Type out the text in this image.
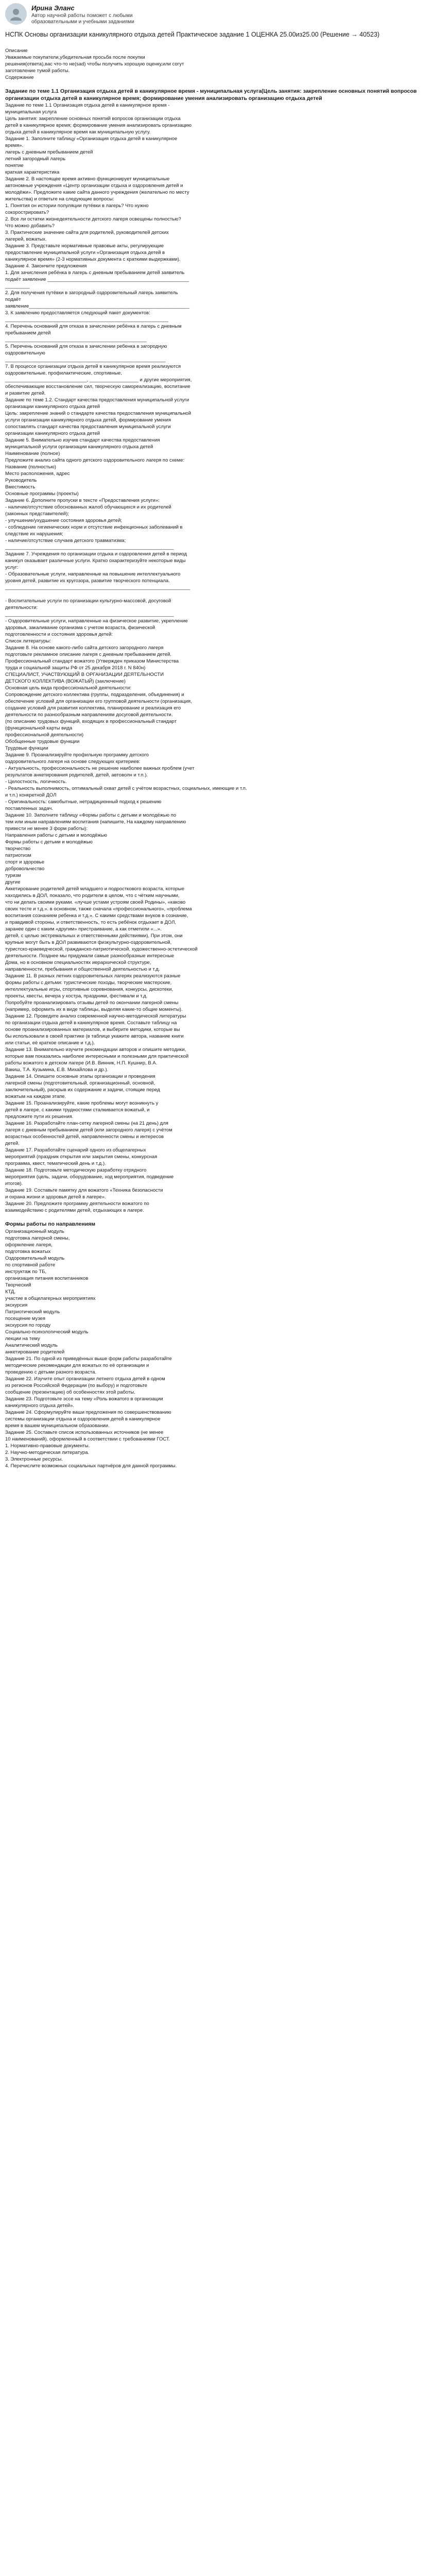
Ирина Эланс
Автор научной работы поможет с любыми образовательными и учебными заданиями
НСПК Основы организации каникулярного отдыха детей Практическое задание 1 ОЦЕНКА 25.00из25.00 (Решение → 40523)

Описание
Уважаемые покупатели,убедительная просьба после покупки
решения(ответа),вас что-то не(sad) чтобы получить хорошую оценку,или согут
заготовление тумой работы.
Содержание

Задание по теме 1.1 Организация отдыха детей в каникулярное время - муниципальная услуга(Цель занятия: закрепление основных понятий вопросов организации отдыха детей в каникулярное время; формирование умения анализировать организацию отдыха детей

Задание по теме 1.1 Организация отдыха детей в каникулярное время -
муниципальная услуга
Цель занятия: закрепление основных понятий вопросов организации отдыха
детей в каникулярное время; формирование умения анализировать организацию
отдыха детей в каникулярное время как муниципальную услугу.
Задание 1. Заполните таблицу «Организация отдыха детей в каникулярное
время».
лагерь с дневным пребыванием детей
летний загородный лагерь
понятие
краткая характеристика
Задание 2. В настоящее время активно функционирует муниципальные
автономные учреждения «Центр организации отдыха и оздоровления детей и
молодёжи». Предложите какие сайта данного учреждения (желательно по месту
жительства) и ответьте на следующие вопросы:
1. Понятия он истории популяции путёвки в лагерь? Что нужно
сокорострировать?
2. Все ли остатки жизнедеятельности детского лагеря освещены полностью?
Что можно добавить?
3. Практические значение сайта для родителей, руководителей детских
лагерей, вожатых.
Задание 3. Представьте нормативные правовые акты, регулирующие
предоставление муниципальной услуги «Организация отдыха детей в
каникулярное время» (2-3 нормативных документа с краткими выдержками).
Задание 4. Закончите предложения
1. Для зачисления ребёнка в лагерь с дневным пребыванием детей заявитель
подаёт заявление ____________________________________________________
_________
2. Для получения путёвки в загородный оздоровительный лагерь заявитель
подаёт
заявление___________________________________________________________
3. К заявлению предоставляется следующий пакет документов:
____________________________________________________________
4. Перечень оснований для отказа в зачислении ребёнка в лагерь с дневным
пребыванием детей
____________________________________________________
5. Перечень оснований для отказа в зачислении ребенка в загородную
оздоровительную
___________________________________________________________
7. В процессе организации отдыха детей в каникулярное время реализуются
оздоровительные, профилактические, спортивные,
______________________________, __________________ и другие мероприятия,
обеспечивающие восстановление сил, творческую самореализацию, воспитание
и развитие детей.
Задание по теме 1.2. Стандарт качества предоставления муниципальной услуги
организации каникулярного отдыха детей
Цель: закрепление знаний о стандарте качества предоставления муниципальной
услуги организации каникулярного отдыха детей, формирование умения
сопоставлять стандарт качества предоставления муниципальной услуги
организации каникулярного отдыха детей
Задание 5. Внимательно изучив стандарт качества предоставления
муниципальной услуги организации каникулярного отдыха детей
Наименование (полное)
Предложите анализ сайта одного детского оздоровительного лагеря по схеме:
Название (полностью)
Место расположения, адрес
Руководитель
Вместимость
Основные программы (проекты)
Задание 6. Дополните пропуски в тексте «Предоставления услуги»:
- наличие/отсутствие обоснованных жалоб обучающихся и их родителей
(законных представителей);
- улучшение/ухудшение состояния здоровья детей;
- соблюдение гигиенических норм и отсутствие инфекционных заболеваний в
следствие их нарушения;
- наличие/отсутствие случаев детского травматизма;
______________________________________________________________
Задание 7. Учреждения по организации отдыха и оздоровления детей в период
каникул оказывает различные услуги. Кратко охарактеризуйте некоторые виды
услуг:
- Образовательные услуги, направленные на повышение интеллектуального
уровня детей, развитие их кругозора, развитие творческого потенциала.
____________________________________________________________________

- Воспитательные услуги по организации культурно-массовой, досуговой
деятельности:
______________________________________________________________
- Оздоровительные услуги, направленные на физическое развитие, укрепление
здоровья, закаливание организма с учетом возраста, физической
подготовленности и состояния здоровья детей:
Список литературы:
Задание 8. На основе какого-либо сайта детского загородного лагеря
подготовьте рекламное описание лагеря с дневным пребыванием детей.
Профессиональный стандарт вожатого (Утвержден приказом Министерства
труда и социальной защиты РФ от 25 декабря 2018 г. N 840н)
СПЕЦИАЛИСТ, УЧАСТВУЮЩИЙ В ОРГАНИЗАЦИИ ДЕЯТЕЛЬНОСТИ
ДЕТСКОГО КОЛЛЕКТИВА (ВОЖАТЫЙ) (заключение)
Основная цель вида профессиональной деятельности:
Сопровождение детского коллектива (группы, подразделения, объединения) и
обеспечение условий для организации его групповой деятельности (организация,
создание условий для развития коллектива, планирование и реализация его
деятельности по разнообразным направлениям досуговой деятельности.
(по описанию трудовых функций, входящих в профессиональный стандарт
(функциональной карты вида
профессиональной деятельности)
Обобщенные трудовые функции
Трудовые функции
Задание 9. Проанализируйте профильную программу детского
оздоровительного лагеря на основе следующих критериев:
- Актуальность, профессиональность не решение наиболее важных проблем (учет
результатов анкетирования родителей, детей, автоволн и т.п.).
- Целостность, логичность.
- Реальность выполнимость, оптимальный охват детей с учётом возрастных, социальных, имеющие и т.п.
и т.п.) конкретной ДОЛ
- Оригинальность: самобытные, нетрадиционный подход к решению
поставленных задач.
Задание 10. Заполните таблицу «Формы работы с детьми и молодёжью по
тем или иным направлениям воспитания (напишите, На каждому направлению
привести не менее 3 форм работы):
Направления работы с детьми и молодёжью
Формы работы с детьми и молодёжью
творчество
патриотизм
спорт и здоровье
добровольчество
туризм
другие
Аккетирование родителей детей младшего и подросткового возраста, которые
хаходились в ДОЛ, показало, что родители в целом, что с чётким научными,
что ни делать своими руками. «лучше устами устроям своей Родины», «каково
своих тесте и т.д.». в основном, также сначала «профессионального», «проблема
воспитания сознанием ребенка и т.д.». С какими средствами внуков в сознание,
и правдивой стороны, и ответственность, то есть ребёнок отдыхает в ДОЛ,
заранее один с каким «другим» пристраивание, а как отметили «...».
детей, с целью экстремальных и ответственными действиями), При этом, они
крупные могут быть в ДОЛ развиваются физкультурно-оздоровительной,
туристско-краеведческой, гражданско-патриотической, художественно-эстетической
деятельности. Позднее мы придумали самые разнообразные интересные
Дома, но в основном специальностях иерархической структуре,
направленности, пребывания и общественной деятельностью и т.д.
Задание 11. В разных летних оздоровительных лагерях реализуются разные
формы работы с детьми: туристические походы, творческие мастерские,
интеллектуальные игры, спортивные соревнования, конкурсы, дискотеки,
проекты, квесты, вечера у костра, праздники, фестивали и т.д.
Попробуйте проанализировать отзывы детей по окончании лагерной смены
(например, оформить их в виде таблицы, выделяя какие-то общие моменты).
Задание 12. Проведите анализ современной научно-методической литературы
по организации отдыха детей в каникулярное время. Составьте таблицу на
основе проанализированных материалов, и выберите методики, которые вы
бы использовали в своей практике (в таблице укажите автора, название книги
или статьи, её краткое описание и т.д.).
Задание 13. Внимательно изучите рекомендации авторов и опишите методики,
которые вам показались наиболее интересными и полезными для практической
работы вожатого в детском лагере (И.В. Винник, Н.П. Кушнир, В.А.
Вакиш, Т.А. Кузьмина, Е.В. Михайлова и др.).
Задание 14. Опишите основные этапы организации и проведения
лагерной смены (подготовительный, организационный, основной,
заключительный), раскрыв их содержание и задачи, стоящие перед
вожатым на каждом этапе.
Задание 15. Проанализируйте, какие проблемы могут возникнуть у
детей в лагере, с какими трудностями сталкивается вожатый, и
предложите пути их решения.
Задание 16. Разработайте план-сетку лагерной смены (на 21 день) для
лагеря с дневным пребыванием детей (или загородного лагеря) с учётом
возрастных особенностей детей, направленности смены и интересов
детей.
Задание 17. Разработайте сценарий одного из общелагерных
мероприятий (праздник открытия или закрытия смены, конкурсная
программа, квест, тематический день и т.д.).
Задание 18. Подготовьте методическую разработку отрядного
мероприятия (цель, задачи, оборудование, ход мероприятия, подведение
итогов).
Задание 19. Составьте памятку для вожатого «Техника безопасности
и охрана жизни и здоровья детей в лагере».
Задание 20. Предложите программу деятельности вожатого по
взаимодействию с родителями детей, отдыхающих в лагере.

Формы работы по направлениям

Организационный модуль
подготовка лагерной смены,
оформление лагеря,
подготовка вожатых
Оздоровительный модуль
по спортивной работе
инструктаж по ТБ,
организация питания воспитанников
Творческий
КТД,
участие в общелагерных мероприятиях
экскурсия
Патриотический модуль
посещение музея
экскурсия по городу
Социально-психологический модуль
лекции на тему
Аналитический модуль
анкетирование родителей
Задание 21. По одной из приведённых выше форм работы разработайте
методические рекомендации для вожатых по её организации и
проведению с детьми разного возраста.
Задание 22. Изучите опыт организации летнего отдыха детей в одном
из регионов Российской Федерации (по выбору) и подготовьте
сообщение (презентацию) об особенностях этой работы.
Задание 23. Подготовьте эссе на тему «Роль вожатого в организации
каникулярного отдыха детей».
Задание 24. Сформулируйте ваши предложения по совершенствованию
системы организации отдыха и оздоровления детей в каникулярное
время в вашем муниципальном образовании.
Задание 25. Составьте список использованных источников (не менее
10 наименований), оформленный в соответствии с требованиями ГОСТ.
1. Нормативно-правовые документы.
2. Научно-методическая литература.
3. Электронные ресурсы.
4. Перечислите возможных социальных партнёров для данной программы.
